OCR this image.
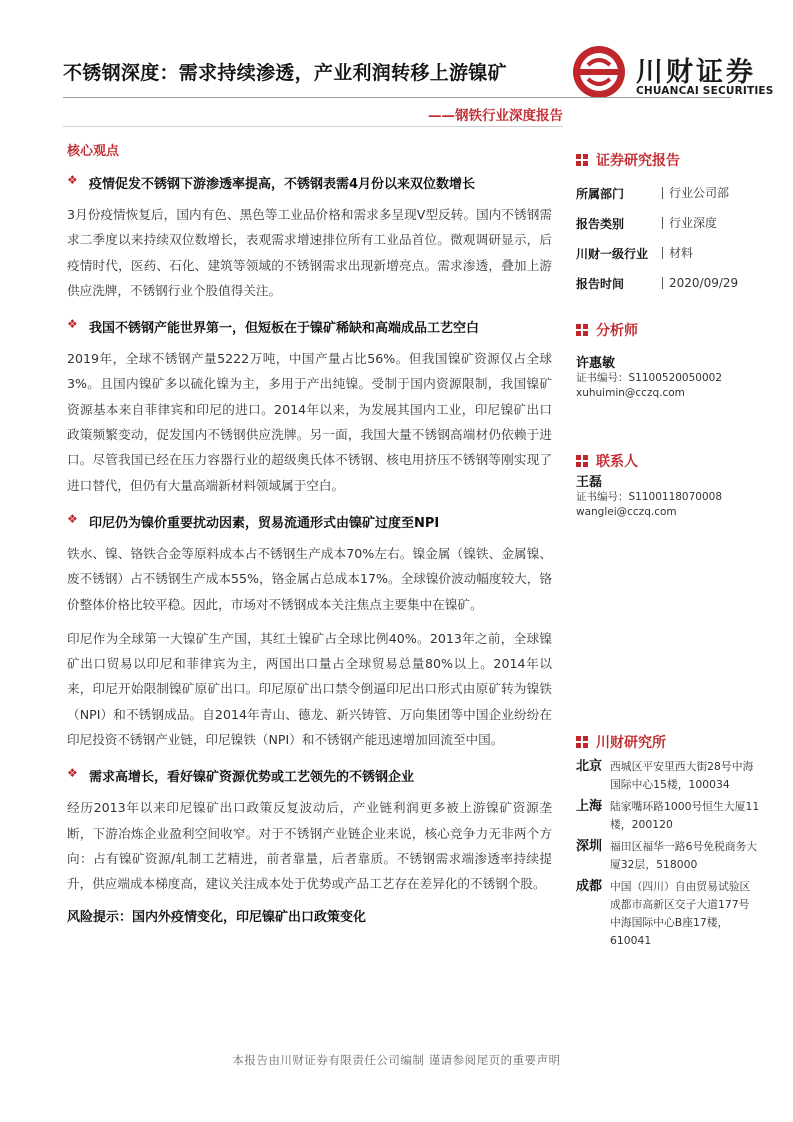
不锈钢深度：需求持续渗透，产业利润转移上游镍矿	川财证券
CHUANCAI SECURITIES
——钢铁行业深度报告
核心观点
❖ 疫情促发不锈钢下游渗透率提高，不锈钢表需4月份以来双位数增长

3月份疫情恢复后，国内有色、黑色等工业品价格和需求多呈现V型反转。国内不锈钢需求二季度以来持续双位数增长，表观需求增速排位所有工业品首位。微观调研显示，后疫情时代，医药、石化、建筑等领域的不锈钢需求出现新增亮点。需求渗透，叠加上游供应洗牌，不锈钢行业个股值得关注。

❖ 我国不锈钢产能世界第一，但短板在于镍矿稀缺和高端成品工艺空白

2019年，全球不锈钢产量5222万吨，中国产量占比56%。但我国镍矿资源仅占全球3%。且国内镍矿多以硫化镍为主，多用于产出纯镍。受制于国内资源限制，我国镍矿资源基本来自菲律宾和印尼的进口。2014年以来，为发展其国内工业，印尼镍矿出口政策频繁变动，促发国内不锈钢供应洗牌。另一面，我国大量不锈钢高端材仍依赖于进口。尽管我国已经在压力容器行业的超级奥氏体不锈钢、核电用挤压不锈钢等刚实现了进口替代，但仍有大量高端新材料领域属于空白。

❖ 印尼仍为镍价重要扰动因素，贸易流通形式由镍矿过度至NPI

铁水、镍、铬铁合金等原料成本占不锈钢生产成本70%左右。镍金属（镍铁、金属镍、废不锈钢）占不锈钢生产成本55%，铬金属占总成本17%。全球镍价波动幅度较大，铬价整体价格比较平稳。因此，市场对不锈钢成本关注焦点主要集中在镍矿。

印尼作为全球第一大镍矿生产国，其红土镍矿占全球比例40%。2013年之前，全球镍矿出口贸易以印尼和菲律宾为主，两国出口量占全球贸易总量80%以上。2014年以来，印尼开始限制镍矿原矿出口。印尼原矿出口禁令倒逼印尼出口形式由原矿转为镍铁（NPI）和不锈钢成品。自2014年青山、德龙、新兴铸管、万向集团等中国企业纷纷在印尼投资不锈钢产业链，印尼镍铁（NPI）和不锈钢产能迅速增加回流至中国。

❖ 需求高增长，看好镍矿资源优势或工艺领先的不锈钢企业

经历2013年以来印尼镍矿出口政策反复波动后，产业链利润更多被上游镍矿资源垄断，下游冶炼企业盈利空间收窄。对于不锈钢产业链企业来说，核心竞争力无非两个方向：占有镍矿资源/轧制工艺精进，前者靠量，后者靠质。不锈钢需求端渗透率持续提升，供应端成本梯度高，建议关注成本处于优势或产品工艺存在差异化的不锈钢个股。

风险提示：国内外疫情变化，印尼镍矿出口政策变化
证券研究报告
所属部门	行业公司部
报告类别	行业深度
川财一级行业	材料
报告时间	2020/09/29
分析师
许惠敏
证书编号：S1100520050002
xuhuimin@cczq.com
联系人
王磊
证书编号：S1100118070008
wanglei@cczq.com
川财研究所
北京 西城区平安里西大街28号中海国际中心15楼，100034
上海 陆家嘴环路1000号恒生大厦11楼，200120
深圳 福田区福华一路6号免税商务大厦32层，518000
成都 中国（四川）自由贸易试验区成都市高新区交子大道177号中海国际中心B座17楼，610041
本报告由川财证券有限责任公司编制 谨请参阅尾页的重要声明
